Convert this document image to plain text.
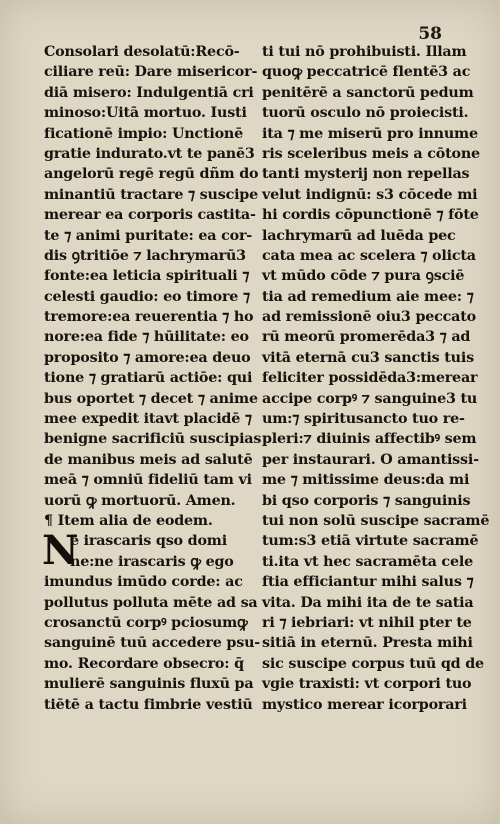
58
Consolari desolatū:Recō-
ciliare reū: Dare misericor-
diā misero: Indulgentiā cri
minoso:Uitā mortuo. Iusti
ficationē impio: Unctionē
gratie indurato.vt te panē3
angelorū regē regū dñm do
minantiū tractare ⁊ suscipe
merear ea corporis castita-
te ⁊ animi puritate: ea cor-
dis ꝯtritiōe ⁊ lachrymarū3
fonte:ea leticia spirituali ⁊
celesti gaudio: eo timore ⁊
tremore:ea reuerentia ⁊ ho
nore:ea fide ⁊ hūilitate: eo
proposito ⁊ amore:ea deuo
tione ⁊ gratiarū actiōe: qui
bus oportet ⁊ decet ⁊ anime
mee expedit itavt placidē ⁊
benigne sacrificiū suscipias
de manibus meis ad salutē
meā ⁊ omniū fideliū tam vi
uorū ꝙ mortuorū. Amen.
¶ Item alia de eodem.
N
ē irascaris qso domi
ne:ne irascaris ꝙ ego
imundus imūdo corde: ac
pollutus polluta mēte ad sa
crosanctū corpꝰ pciosumꝙ
sanguinē tuū accedere psu-
mo. Recordare obsecro: q̄
mulierē sanguinis fluxū pa
tiētē a tactu fimbrie vestiū
ti tui nō prohibuisti. Illam
quoꝙ peccatricē flentē3 ac
penitērē a sanctorū pedum
tuorū osculo nō proiecisti.
ita ⁊ me miserū pro innume
ris sceleribus meis a cōtone
tanti mysterij non repellas
velut indignū: s3 cōcede mi
hi cordis cōpunctionē ⁊ fōte
lachrymarū ad luēda pec
cata mea ac scelera ⁊ olicta
vt mūdo cōde ⁊ pura ꝯsciē
tia ad remedium aie mee: ⁊
ad remissionē oiu3 peccato
rū meorū promerēda3 ⁊ ad
vitā eternā cu3 sanctis tuis
feliciter possidēda3:merear
accipe corpꝰ ⁊ sanguine3 tu
um:⁊ spiritusancto tuo re-
pleri:⁊ diuinis affectibꝰ sem
per instaurari. O amantissi-
me ⁊ mitissime deus:da mi
bi qso corporis ⁊ sanguinis
tui non solū suscipe sacramē
tum:s3 etiā virtute sacramē
ti.ita vt hec sacramēta cele
ftia efficiantur mihi salus ⁊
vita. Da mihi ita de te satia
ri ⁊ iebriari: vt nihil pter te
sitiā in eternū. Presta mihi
sic suscipe corpus tuū qd de
vgie traxisti: vt corpori tuo
mystico merear icorporari
